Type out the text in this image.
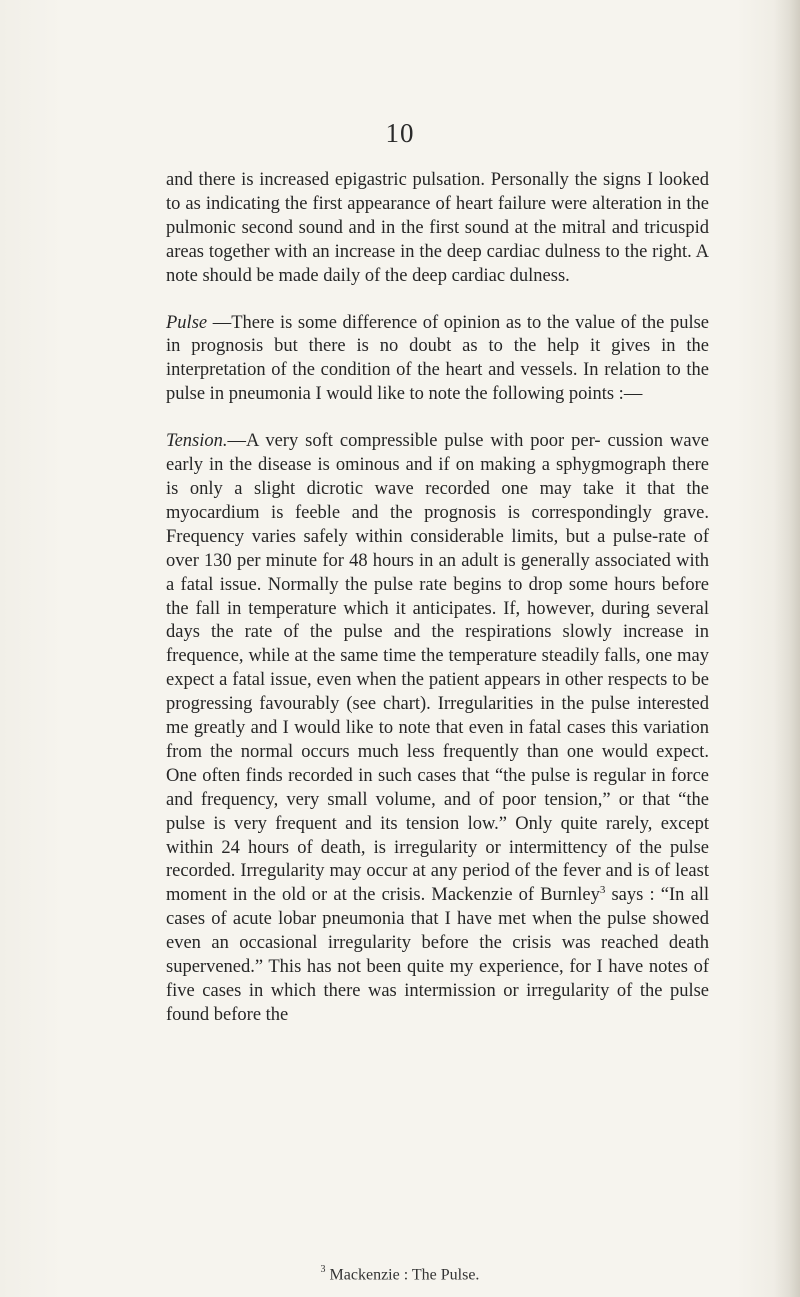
10

and there is increased epigastric pulsation. Personally the signs I looked to as indicating the first appearance of heart failure were alteration in the pulmonic second sound and in the first sound at the mitral and tricuspid areas together with an increase in the deep cardiac dulness to the right. A note should be made daily of the deep cardiac dulness.

Pulse —There is some difference of opinion as to the value of the pulse in prognosis but there is no doubt as to the help it gives in the interpretation of the condition of the heart and vessels. In relation to the pulse in pneumonia I would like to note the following points :—

Tension.—A very soft compressible pulse with poor per- cussion wave early in the disease is ominous and if on making a sphygmograph there is only a slight dicrotic wave recorded one may take it that the myocardium is feeble and the prognosis is correspondingly grave. Frequency varies safely within considerable limits, but a pulse-rate of over 130 per minute for 48 hours in an adult is generally associated with a fatal issue. Normally the pulse rate begins to drop some hours before the fall in temperature which it anticipates. If, however, during several days the rate of the pulse and the respirations slowly increase in frequence, while at the same time the temperature steadily falls, one may expect a fatal issue, even when the patient appears in other respects to be progressing favourably (see chart). Irregularities in the pulse interested me greatly and I would like to note that even in fatal cases this variation from the normal occurs much less frequently than one would expect. One often finds recorded in such cases that “the pulse is regular in force and frequency, very small volume, and of poor tension,” or that “the pulse is very frequent and its tension low.” Only quite rarely, except within 24 hours of death, is irregularity or intermittency of the pulse recorded. Irregularity may occur at any period of the fever and is of least moment in the old or at the crisis. Mackenzie of Burnley$^3$ says : “In all cases of acute lobar pneumonia that I have met when the pulse showed even an occasional irregularity before the crisis was reached death supervened.” This has not been quite my experience, for I have notes of five cases in which there was intermission or irregularity of the pulse found before the

$^3$ Mackenzie : The Pulse.
